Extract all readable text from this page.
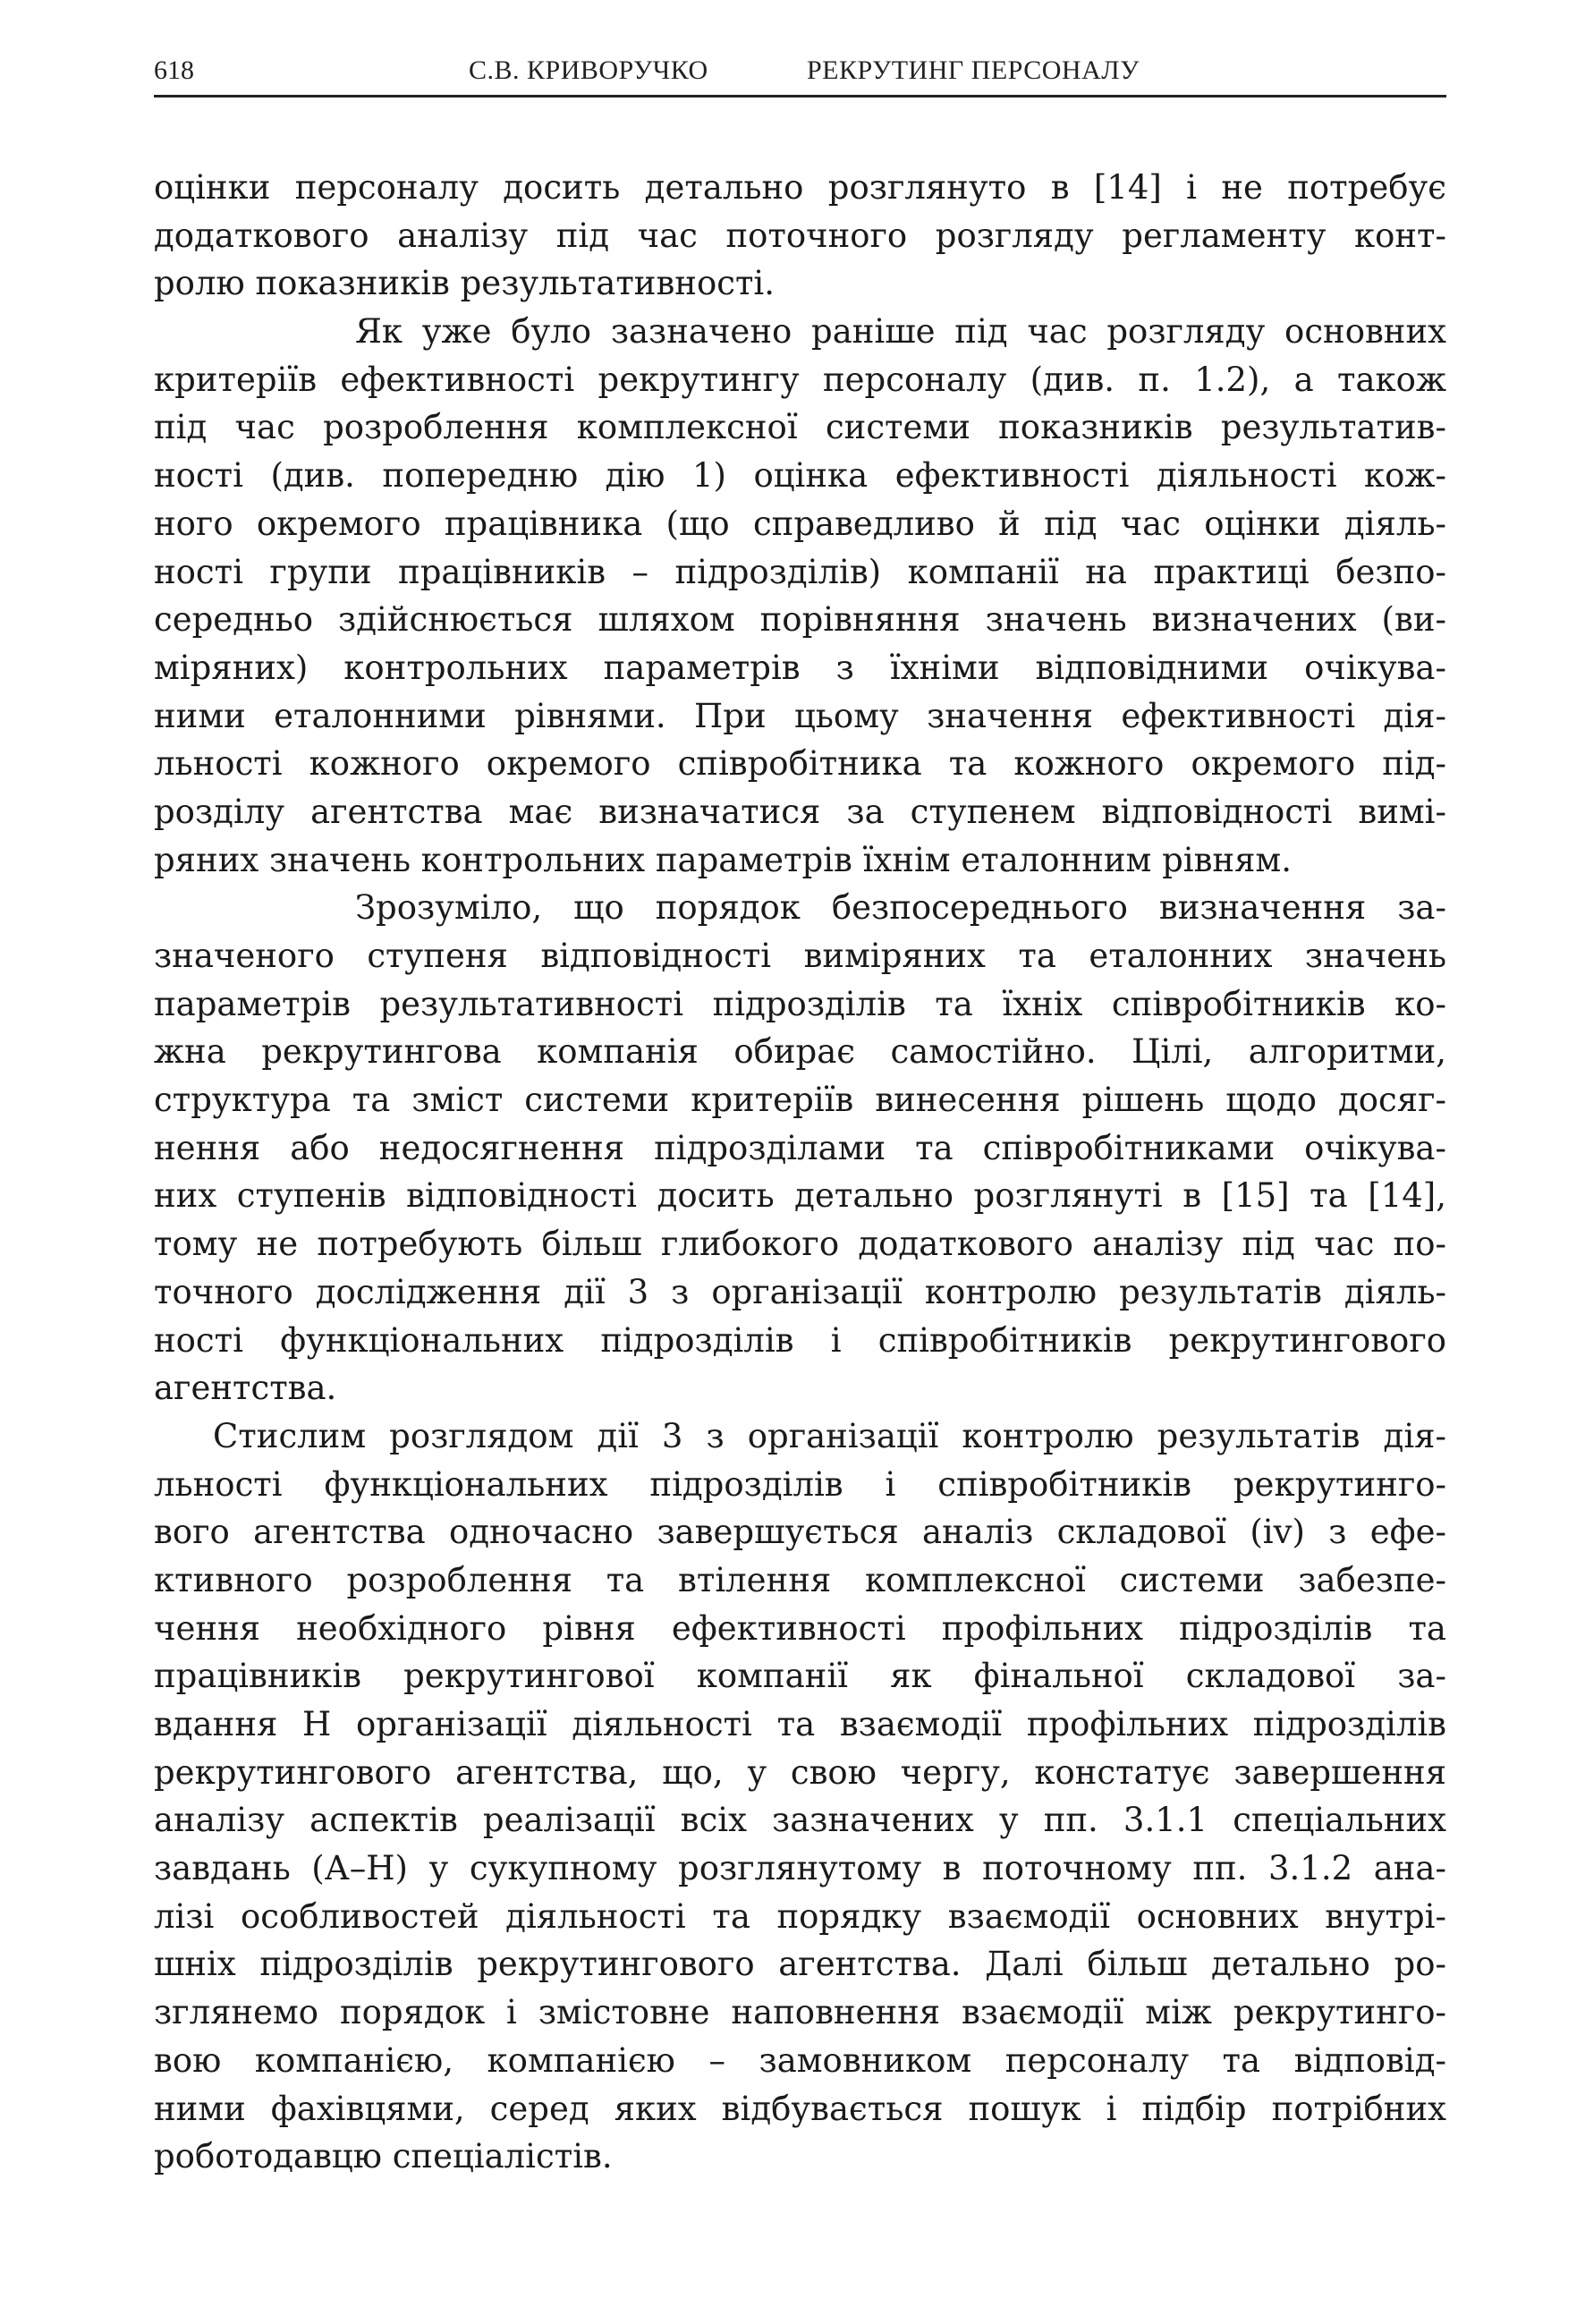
618	С.В. КРИВОРУЧКО	РЕКРУТИНГ ПЕРСОНАЛУ
оцінки персоналу досить детально розглянуто в [14] і не потребує
додаткового аналізу під час поточного розгляду регламенту конт-
ролю показників результативності.
Як уже було зазначено раніше під час розгляду основних
критеріїв ефективності рекрутингу персоналу (див. п. 1.2), а також
під час розроблення комплексної системи показників результатив-
ності (див. попередню дію 1) оцінка ефективності діяльності кож-
ного окремого працівника (що справедливо й під час оцінки діяль-
ності групи працівників – підрозділів) компанії на практиці безпо-
середньо здійснюється шляхом порівняння значень визначених (ви-
міряних) контрольних параметрів з їхніми відповідними очікува-
ними еталонними рівнями. При цьому значення ефективності дія-
льності кожного окремого співробітника та кожного окремого під-
розділу агентства має визначатися за ступенем відповідності вимі-
ряних значень контрольних параметрів їхнім еталонним рівням.
Зрозуміло, що порядок безпосереднього визначення за-
значеного ступеня відповідності виміряних та еталонних значень
параметрів результативності підрозділів та їхніх співробітників ко-
жна рекрутингова компанія обирає самостійно. Цілі, алгоритми,
структура та зміст системи критеріїв винесення рішень щодо досяг-
нення або недосягнення підрозділами та співробітниками очікува-
них ступенів відповідності досить детально розглянуті в [15] та [14],
тому не потребують більш глибокого додаткового аналізу під час по-
точного дослідження дії 3 з організації контролю результатів діяль-
ності функціональних підрозділів і співробітників рекрутингового
агентства.
Стислим розглядом дії 3 з організації контролю результатів дія-
льності функціональних підрозділів і співробітників рекрутинго-
вого агентства одночасно завершується аналіз складової (iv) з ефе-
ктивного розроблення та втілення комплексної системи забезпе-
чення необхідного рівня ефективності профільних підрозділів та
працівників рекрутингової компанії як фінальної складової за-
вдання Н організації діяльності та взаємодії профільних підрозділів
рекрутингового агентства, що, у свою чергу, констатує завершення
аналізу аспектів реалізації всіх зазначених у пп. 3.1.1 спеціальних
завдань (А–Н) у сукупному розглянутому в поточному пп. 3.1.2 ана-
лізі особливостей діяльності та порядку взаємодії основних внутрі-
шніх підрозділів рекрутингового агентства. Далі більш детально ро-
зглянемо порядок і змістовне наповнення взаємодії між рекрутинго-
вою компанією, компанією – замовником персоналу та відповід-
ними фахівцями, серед яких відбувається пошук і підбір потрібних
роботодавцю спеціалістів.
